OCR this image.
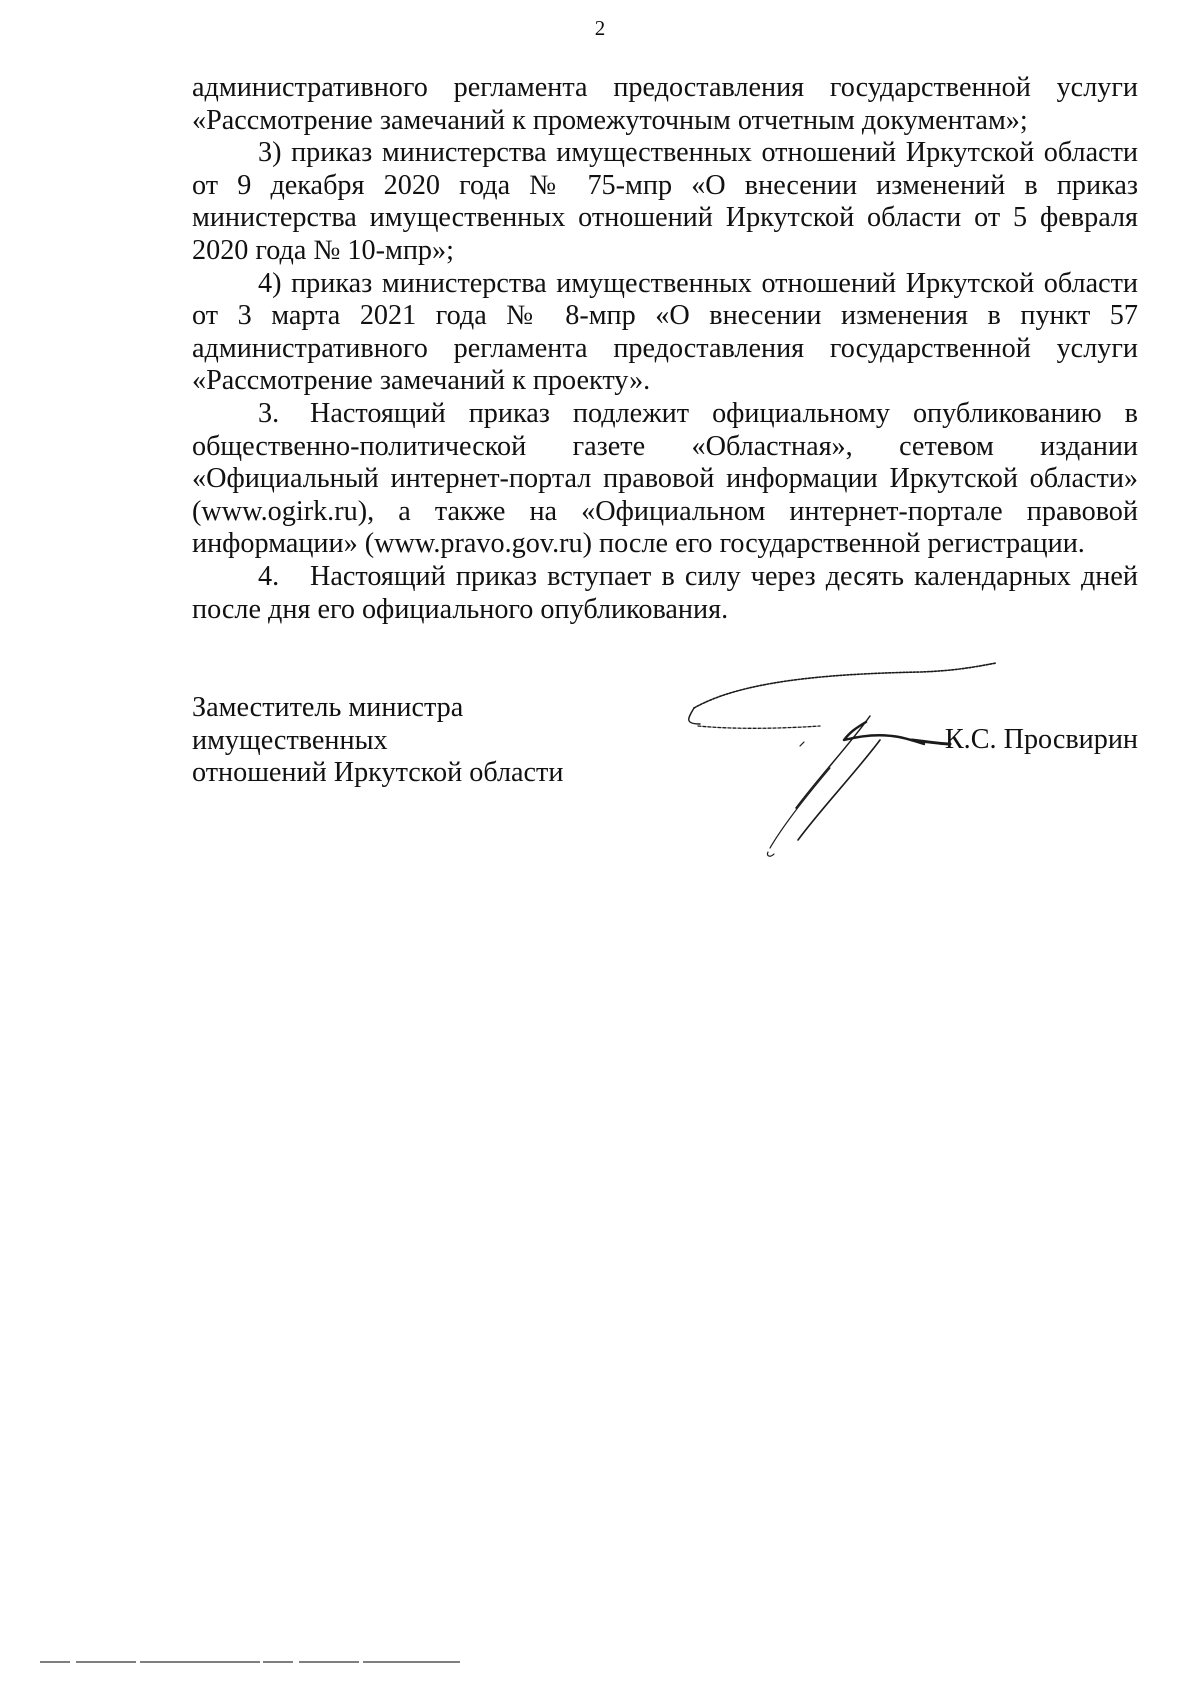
2

административного регламента предоставления государственной услуги «Рассмотрение замечаний к промежуточным отчетным документам»;

3) приказ министерства имущественных отношений Иркутской области от 9 декабря 2020 года № 75-мпр «О внесении изменений в приказ министерства имущественных отношений Иркутской области от 5 февраля 2020 года № 10-мпр»;

4) приказ министерства имущественных отношений Иркутской области от 3 марта 2021 года № 8-мпр «О внесении изменения в пункт 57 административного регламента предоставления государственной услуги «Рассмотрение замечаний к проекту».

3. Настоящий приказ подлежит официальному опубликованию в общественно-политической газете «Областная», сетевом издании «Официальный интернет-портал правовой информации Иркутской области» (www.ogirk.ru), а также на «Официальном интернет-портале правовой информации» (www.pravo.gov.ru) после его государственной регистрации.

4. Настоящий приказ вступает в силу через десять календарных дней после дня его официального опубликования.

Заместитель министра имущественных
отношений Иркутской области
К.С. Просвирин
